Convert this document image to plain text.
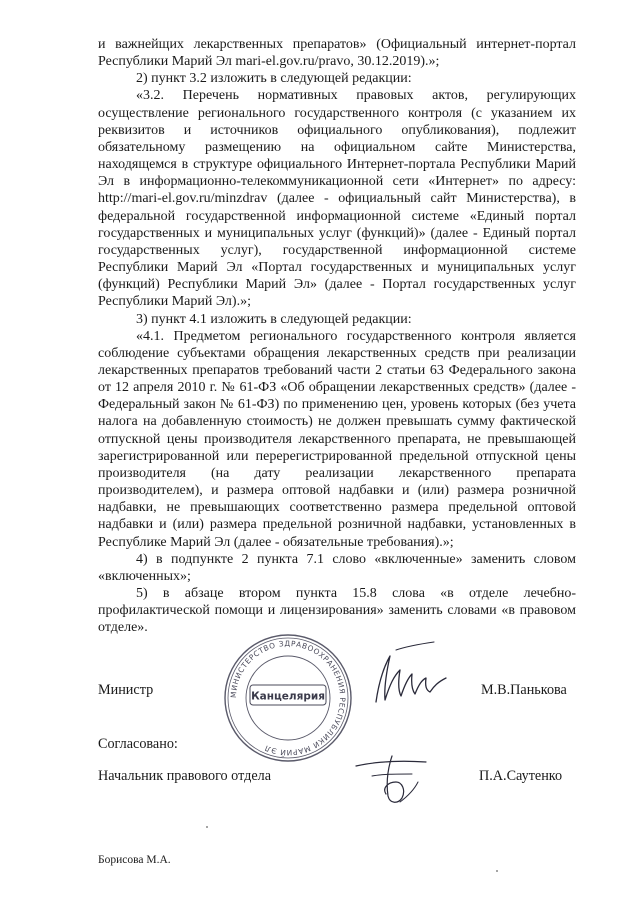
и важнейщих лекарственных препаратов» (Официальный интернет-портал Республики Марий Эл mari-el.gov.ru/pravo, 30.12.2019).»;

2) пункт 3.2 изложить в следующей редакции:

«3.2. Перечень нормативных правовых актов, регулирующих осуществление регионального государственного контроля (с указанием их реквизитов и источников официального опубликования), подлежит обязательному размещению на официальном сайте Министерства, находящемся в структуре официального Интернет-портала Республики Марий Эл в информационно-телекоммуникационной сети «Интернет» по адресу: http://mari-el.gov.ru/minzdrav (далее - официальный сайт Министерства), в федеральной государственной информационной системе «Единый портал государственных и муниципальных услуг (функций)» (далее - Единый портал государственных услуг), государственной информационной системе Республики Марий Эл «Портал государственных и муниципальных услуг (функций) Республики Марий Эл» (далее - Портал государственных услуг Республики Марий Эл).»;

3) пункт 4.1 изложить в следующей редакции:

«4.1. Предметом регионального государственного контроля является соблюдение субъектами обращения лекарственных средств при реализации лекарственных препаратов требований части 2 статьи 63 Федерального закона от 12 апреля 2010 г. № 61-ФЗ «Об обращении лекарственных средств» (далее - Федеральный закон № 61-ФЗ) по применению цен, уровень которых (без учета налога на добавленную стоимость) не должен превышать сумму фактической отпускной цены производителя лекарственного препарата, не превышающей зарегистрированной или перерегистрированной предельной отпускной цены производителя (на дату реализации лекарственного препарата производителем), и размера оптовой надбавки и (или) размера розничной надбавки, не превышающих соответственно размера предельной оптовой надбавки и (или) размера предельной розничной надбавки, установленных в Республике Марий Эл (далее - обязательные требования).»;

4) в подпункте 2 пункта 7.1 слово «включенные» заменить словом «включенных»;

5) в абзаце втором пункта 15.8 слова «в отделе лечебно-профилактической помощи и лицензирования» заменить словами «в правовом отделе».

МИНИСТЕРСТВО ЗДРАВООХРАНЕНИЯ РЕСПУБЛИКИ МАРИЙ ЭЛ
Канцелярия
Министр	М.В.Панькова
Согласовано:
Начальник правового отдела	П.А.Саутенко
Борисова М.А.
